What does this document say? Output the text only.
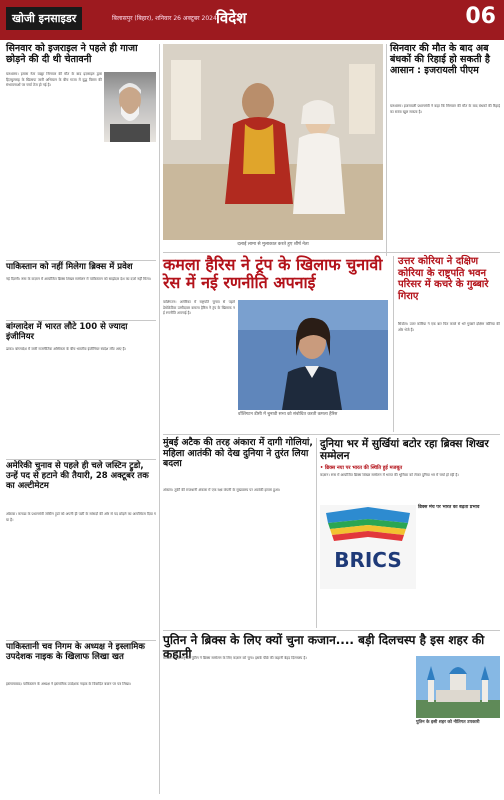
खोजी इनसाइडर	बिलासपुर (बिहार), शनिवार 26 अक्टूबर 2024 विदेश	06
सिनवार को इजराइल ने पहले ही गाजा छोड़ने की दी थी चेतावनी
यरुशलम। हमास नेता याह्या सिनवार की मौत के बाद इज़राइल द्वारा हिज़्बुल्लाह के खिलाफ जारी अभियान के बीच गाजा में युद्ध विराम की संभावनाओं पर चर्चा तेज हो गई है।
पाकिस्तान को नहीं मिलेगा ब्रिक्स में प्रवेश
नई दिल्ली। रूस के कज़ान में आयोजित ब्रिक्स शिखर सम्मेलन में पाकिस्तान को साझेदार देश का दर्जा नहीं मिला।
बांग्लादेश में भारत लौटे 100 से ज्यादा इंजीनियर
ढाका। बांग्लादेश में जारी राजनीतिक अस्थिरता के बीच भारतीय इंजीनियर स्वदेश लौट आए हैं।
अमेरिकी चुनाव से पहले ही चले जस्टिन ट्रुडो, उन्हें पद से हटाने की तैयारी, 28 अक्टूबर तक का अल्टीमेटम
ओटावा। कनाडा के प्रधानमंत्री जस्टिन ट्रुडो को अपनी ही पार्टी के सांसदों की ओर से पद छोड़ने का अल्टीमेटम दिया गया है।
पाकिस्तानी चव निगम के अध्यक्ष ने इस्लामिक उपदेशक नाइक के खिलाफ लिखा खत
इस्लामाबाद। पाकिस्तान के अध्यक्ष ने इस्लामिक उपदेशक नाइक के विवादित बयान पर पत्र लिखा।
दलाई लामा से मुलाकात करते हुए शीर्ष नेता
सिनवार की मौत के बाद अब बंधकों की रिहाई हो सकती है आसान : इजरायली पीएम
यरुशलम। इजरायली प्रधानमंत्री ने कहा कि सिनवार की मौत के बाद बंधकों की रिहाई का रास्ता खुल सकता है।
कमला हैरिस ने ट्रंप के खिलाफ चुनावी रेस में नई रणनीति अपनाई
उत्तर कोरिया ने दक्षिण कोरिया के राष्ट्रपति भवन परिसर में कचरे के गुब्बारे गिराए
वाशिंगटन। अमेरिका में राष्ट्रपति चुनाव से पहले डेमोक्रेटिक उम्मीदवार कमला हैरिस ने ट्रंप के खिलाफ नई रणनीति अपनाई है।
वॉशिंगटन डीसी में चुनावी सभा को संबोधित करती कमला हैरिस
सियोल। उत्तर कोरिया ने एक बार फिर कचरे से भरे गुब्बारे दक्षिण कोरिया की ओर भेजे हैं।
मुंबई अटैक की तरह अंकारा में दागी गोलियां, महिला आतंकी को देख दुनिया ने तुरंत लिया बदला
अंकारा। तुर्की की राजधानी अंकारा में एक रक्षा कंपनी के मुख्यालय पर आतंकी हमला हुआ।
दुनिया भर में सुर्खियां बटोर रहा ब्रिक्स शिखर सम्मेलन
• ब्रिक्स नया पर भारत की स्थिति हुई मजबूत
कज़ान। रूस में आयोजित ब्रिक्स शिखर सम्मेलन में भारत की भूमिका को लेकर दुनिया भर में चर्चा हो रही है।
BRICS
ब्रिक्स मंच पर भारत का बढ़ता प्रभाव
पुतिन ने ब्रिक्स के लिए क्यों चुना कजान.... बड़ी दिलचस्प है इस शहर की कहानी
मॉस्को। रूसी राष्ट्रपति पुतिन ने ब्रिक्स सम्मेलन के लिए कज़ान को चुना। इसके पीछे की कहानी बेहद दिलचस्प है।
पुतिन के इसी शहर को नीतिगत उपकारी
